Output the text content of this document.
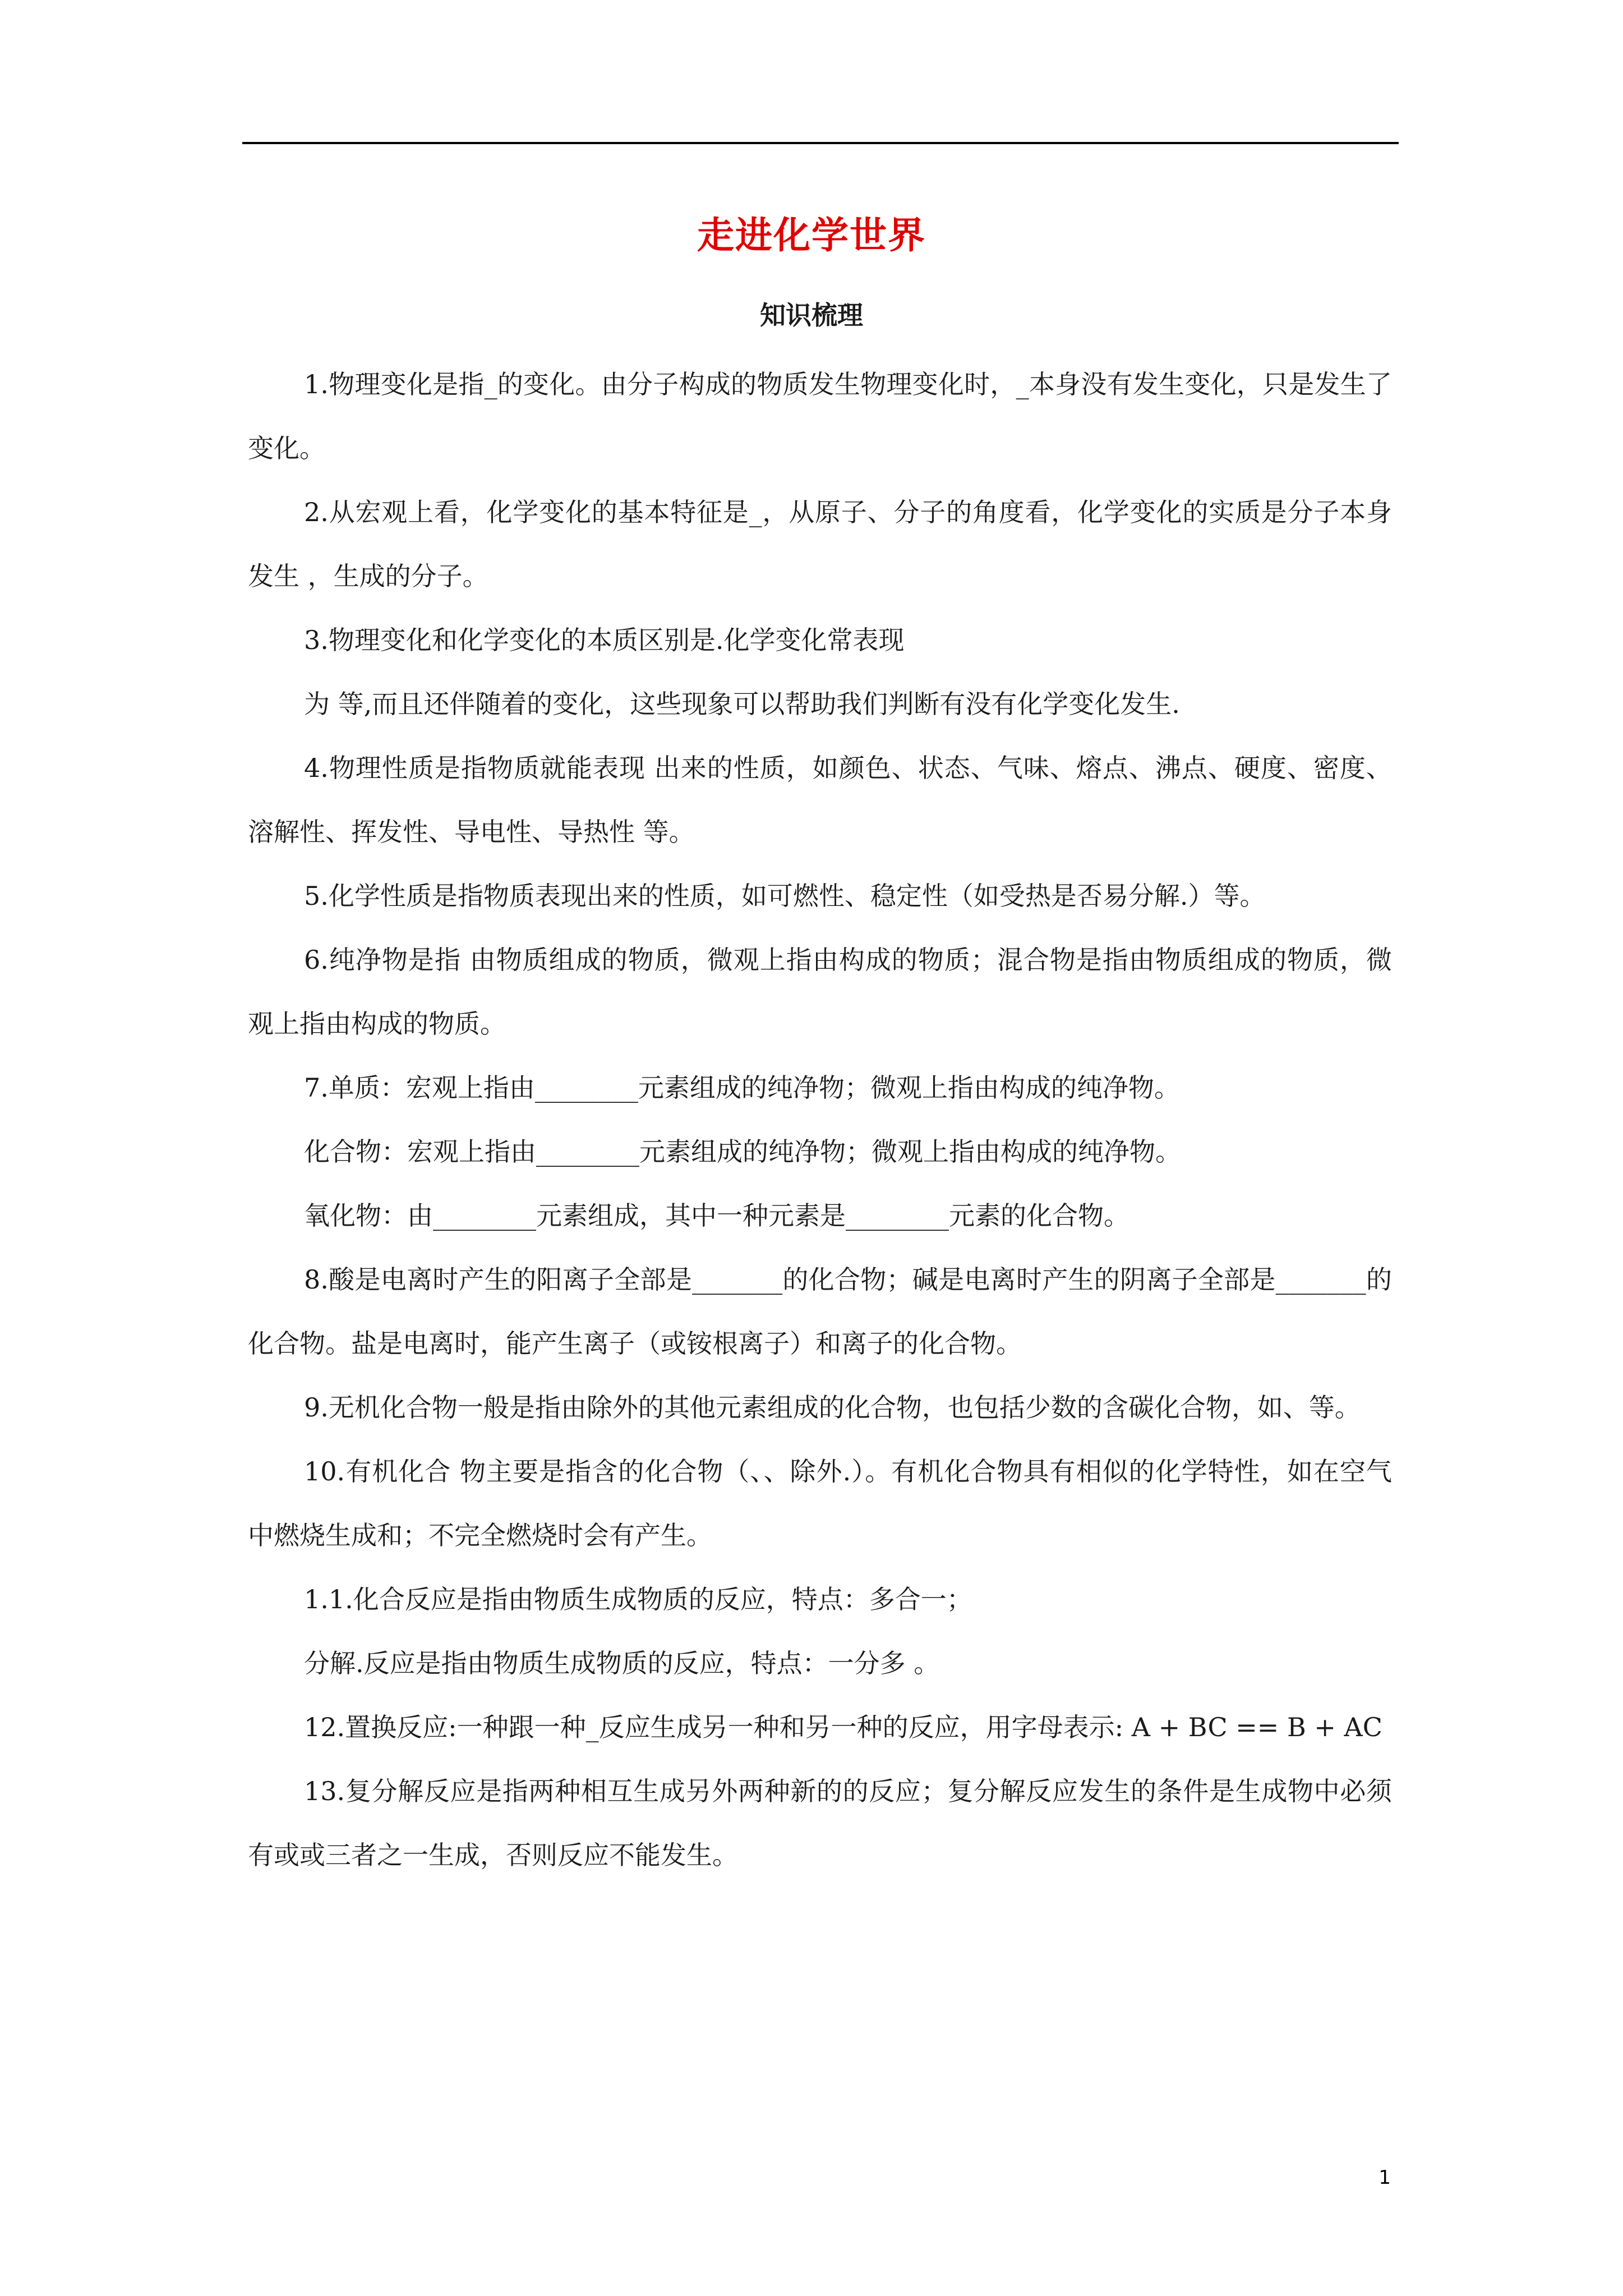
走进化学世界
知识梳理

1.物理变化是指_的变化。由分子构成的物质发生物理变化时，_本身没有发生变化，只是发生了变化。

2.从宏观上看，化学变化的基本特征是_，从原子、分子的角度看，化学变化的实质是分子本身发生 ，生成的分子。

3.物理变化和化学变化的本质区别是.化学变化常表现

为 等,而且还伴随着的变化，这些现象可以帮助我们判断有没有化学变化发生.

4.物理性质是指物质就能表现 出来的性质，如颜色、状态、气味、熔点、沸点、硬度、密度、溶解性、挥发性、导电性、导热性 等。

5.化学性质是指物质表现出来的性质，如可燃性、稳定性（如受热是否易分解.）等。

6.纯净物是指 由物质组成的物质，微观上指由构成的物质；混合物是指由物质组成的物质，微观上指由构成的物质。

7.单质：宏观上指由________元素组成的纯净物；微观上指由构成的纯净物。

化合物：宏观上指由________元素组成的纯净物；微观上指由构成的纯净物。

氧化物：由________元素组成，其中一种元素是________元素的化合物。

8.酸是电离时产生的阳离子全部是_______的化合物；碱是电离时产生的阴离子全部是_______的化合物。盐是电离时，能产生离子（或铵根离子）和离子的化合物。

9.无机化合物一般是指由除外的其他元素组成的化合物，也包括少数的含碳化合物，如、等。

10.有机化合 物主要是指含的化合物（、、除外.）。有机化合物具有相似的化学特性，如在空气中燃烧生成和；不完全燃烧时会有产生。

1.1.化合反应是指由物质生成物质的反应，特点：多合一；

分解.反应是指由物质生成物质的反应，特点：一分多 。

12.置换反应:一种跟一种_反应生成另一种和另一种的反应，用字母表示: A + BC == B + AC

13.复分解反应是指两种相互生成另外两种新的的反应；复分解反应发生的条件是生成物中必须有或或三者之一生成，否则反应不能发生。

1
